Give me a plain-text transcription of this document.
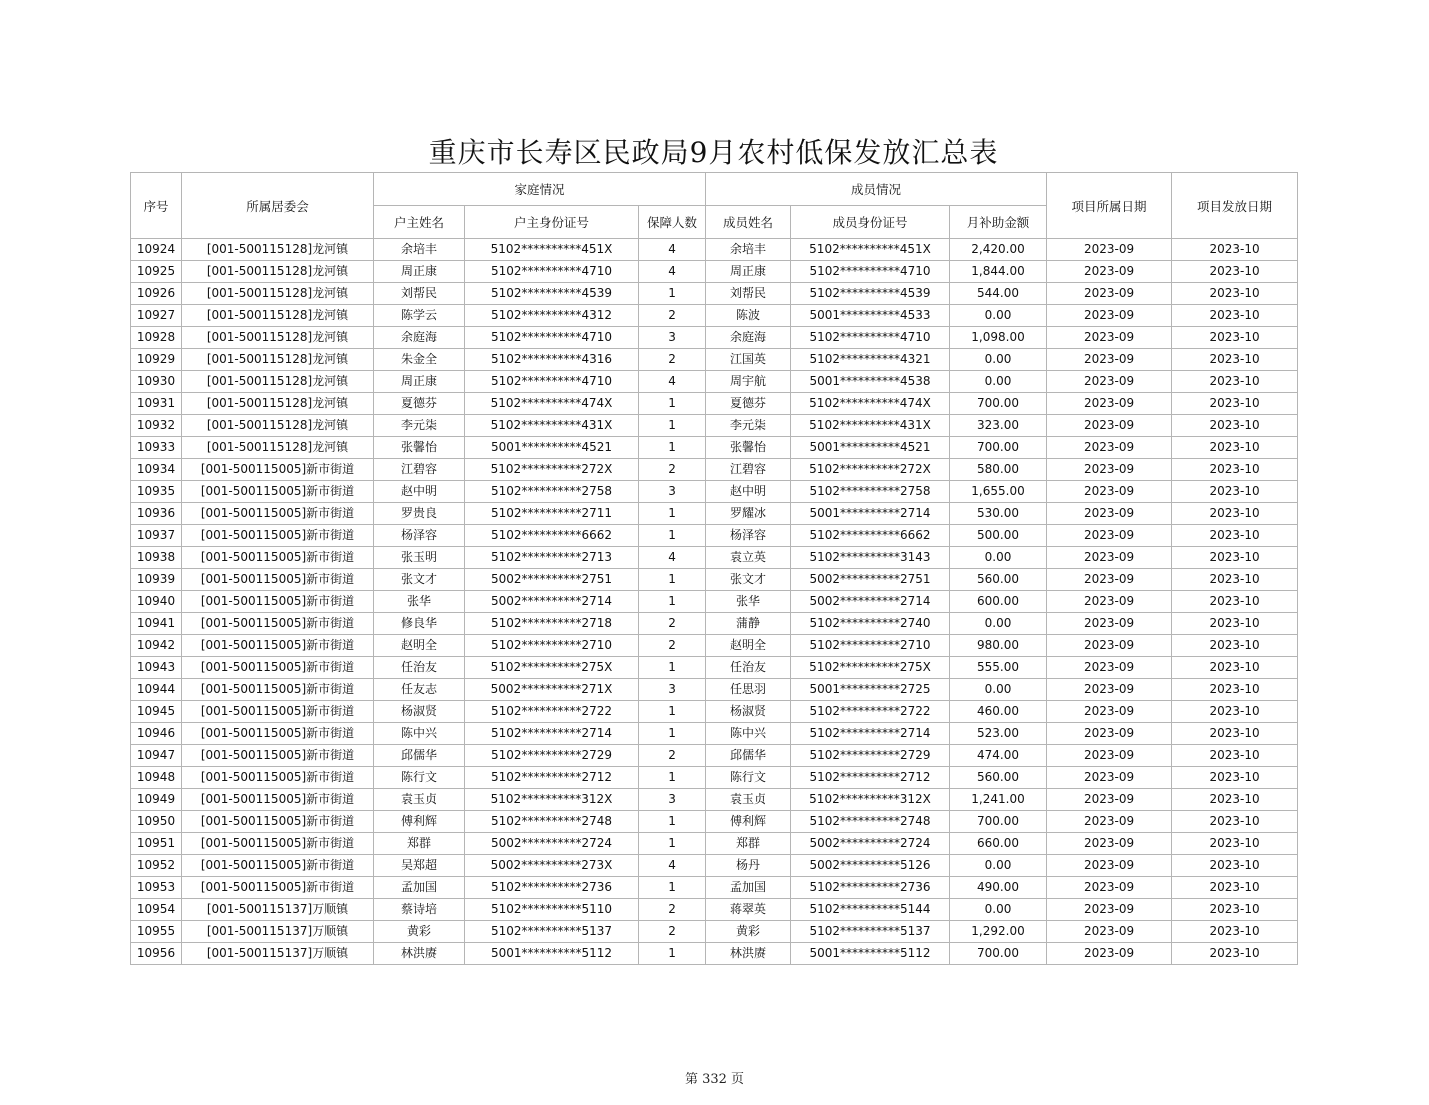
重庆市长寿区民政局9月农村低保发放汇总表
序号	所属居委会	家庭情况			成员情况			项目所属日期	项目发放日期
		户主姓名	户主身份证号	保障人数	成员姓名	成员身份证号	月补助金额		
10924	[001-500115128]龙河镇	余培丰	5102**********451X	4	余培丰	5102**********451X	2,420.00	2023-09	2023-10
10925	[001-500115128]龙河镇	周正康	5102**********4710	4	周正康	5102**********4710	1,844.00	2023-09	2023-10
10926	[001-500115128]龙河镇	刘帮民	5102**********4539	1	刘帮民	5102**********4539	544.00	2023-09	2023-10
10927	[001-500115128]龙河镇	陈学云	5102**********4312	2	陈波	5001**********4533	0.00	2023-09	2023-10
10928	[001-500115128]龙河镇	余庭海	5102**********4710	3	余庭海	5102**********4710	1,098.00	2023-09	2023-10
10929	[001-500115128]龙河镇	朱金全	5102**********4316	2	江国英	5102**********4321	0.00	2023-09	2023-10
10930	[001-500115128]龙河镇	周正康	5102**********4710	4	周宇航	5001**********4538	0.00	2023-09	2023-10
10931	[001-500115128]龙河镇	夏德芬	5102**********474X	1	夏德芬	5102**********474X	700.00	2023-09	2023-10
10932	[001-500115128]龙河镇	李元柒	5102**********431X	1	李元柒	5102**********431X	323.00	2023-09	2023-10
10933	[001-500115128]龙河镇	张馨怡	5001**********4521	1	张馨怡	5001**********4521	700.00	2023-09	2023-10
10934	[001-500115005]新市街道	江碧容	5102**********272X	2	江碧容	5102**********272X	580.00	2023-09	2023-10
10935	[001-500115005]新市街道	赵中明	5102**********2758	3	赵中明	5102**********2758	1,655.00	2023-09	2023-10
10936	[001-500115005]新市街道	罗贵良	5102**********2711	1	罗耀冰	5001**********2714	530.00	2023-09	2023-10
10937	[001-500115005]新市街道	杨泽容	5102**********6662	1	杨泽容	5102**********6662	500.00	2023-09	2023-10
10938	[001-500115005]新市街道	张玉明	5102**********2713	4	袁立英	5102**********3143	0.00	2023-09	2023-10
10939	[001-500115005]新市街道	张文才	5002**********2751	1	张文才	5002**********2751	560.00	2023-09	2023-10
10940	[001-500115005]新市街道	张华	5002**********2714	1	张华	5002**********2714	600.00	2023-09	2023-10
10941	[001-500115005]新市街道	修良华	5102**********2718	2	蒲静	5102**********2740	0.00	2023-09	2023-10
10942	[001-500115005]新市街道	赵明全	5102**********2710	2	赵明全	5102**********2710	980.00	2023-09	2023-10
10943	[001-500115005]新市街道	任治友	5102**********275X	1	任治友	5102**********275X	555.00	2023-09	2023-10
10944	[001-500115005]新市街道	任友志	5002**********271X	3	任思羽	5001**********2725	0.00	2023-09	2023-10
10945	[001-500115005]新市街道	杨淑贤	5102**********2722	1	杨淑贤	5102**********2722	460.00	2023-09	2023-10
10946	[001-500115005]新市街道	陈中兴	5102**********2714	1	陈中兴	5102**********2714	523.00	2023-09	2023-10
10947	[001-500115005]新市街道	邱儒华	5102**********2729	2	邱儒华	5102**********2729	474.00	2023-09	2023-10
10948	[001-500115005]新市街道	陈行文	5102**********2712	1	陈行文	5102**********2712	560.00	2023-09	2023-10
10949	[001-500115005]新市街道	袁玉贞	5102**********312X	3	袁玉贞	5102**********312X	1,241.00	2023-09	2023-10
10950	[001-500115005]新市街道	傅利辉	5102**********2748	1	傅利辉	5102**********2748	700.00	2023-09	2023-10
10951	[001-500115005]新市街道	郑群	5002**********2724	1	郑群	5002**********2724	660.00	2023-09	2023-10
10952	[001-500115005]新市街道	吴郑超	5002**********273X	4	杨丹	5002**********5126	0.00	2023-09	2023-10
10953	[001-500115005]新市街道	孟加国	5102**********2736	1	孟加国	5102**********2736	490.00	2023-09	2023-10
10954	[001-500115137]万顺镇	蔡诗培	5102**********5110	2	蒋翠英	5102**********5144	0.00	2023-09	2023-10
10955	[001-500115137]万顺镇	黄彩	5102**********5137	2	黄彩	5102**********5137	1,292.00	2023-09	2023-10
10956	[001-500115137]万顺镇	林洪赓	5001**********5112	1	林洪赓	5001**********5112	700.00	2023-09	2023-10
第 332 页
